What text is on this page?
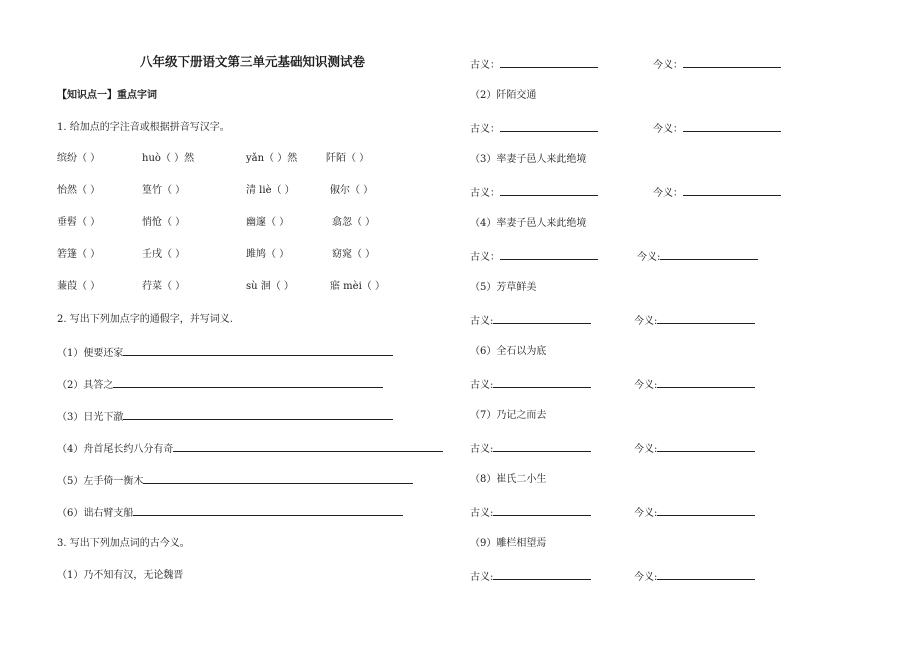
八年级下册语文第三单元基础知识测试卷
【知识点一】重点字词
1. 给加点的字注音或根据拼音写汉字。
缤纷（ ）	huò（ ）然	yǎn（ ）然	阡陌（ ）
怡然（ ）	篁竹（ ）	清 liè（ ）	俶尔（ ）
垂髫（ ）	悄怆（ ）	幽邃（ ）	翕忽（ ）
箬篷（ ）	壬戌（ ）	雎鸠（ ）	窈窕（ ）
蒹葭（ ）	荇菜（ ）	sù 洄（ ）	寤 mèi（ ）
2. 写出下列加点字的通假字，并写词义.
（1）便要还家
（2）具答之
（3）日光下澈
（4）舟首尾长约八分有奇
（5）左手倚一衡木
（6）诎右臂支船
3. 写出下列加点词的古今义。
（1）乃不知有汉，无论魏晋
古义：	今义：
（2）阡陌交通
古义：	今义：
（3）率妻子邑人来此绝境
古义：	今义：
（4）率妻子邑人来此绝境
古义：	今义:
（5）芳草鲜美
古义:	今义:
（6）全石以为底
古义:	今义:
（7）乃记之而去
古义:	今义:
（8）崔氏二小生
古义:	今义:
（9）雕栏相望焉
古义:	今义:
